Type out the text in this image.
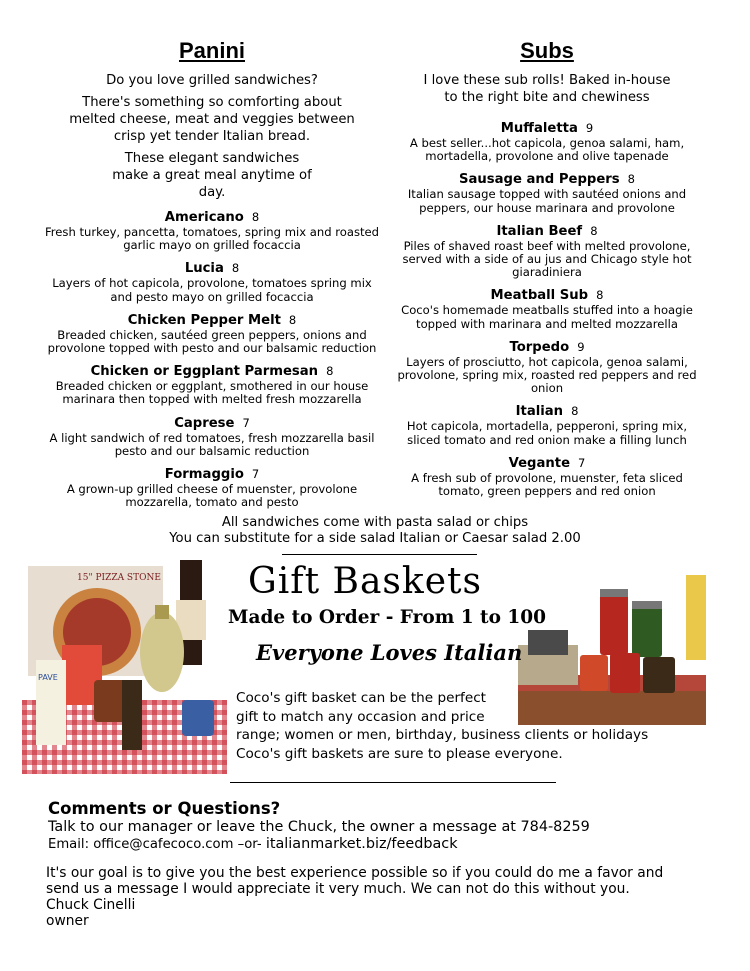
Panini
Do you love grilled sandwiches?
There's something so comforting about melted cheese, meat and veggies between crisp yet tender Italian bread.
These elegant sandwiches make a great meal anytime of day.
Americano 8
Fresh turkey, pancetta, tomatoes, spring mix and roasted garlic mayo on grilled focaccia
Lucia 8
Layers of hot capicola, provolone, tomatoes spring mix and pesto mayo on grilled focaccia
Chicken Pepper Melt 8
Breaded chicken, sautéed green peppers, onions and provolone topped with pesto and our balsamic reduction
Chicken or Eggplant Parmesan 8
Breaded chicken or eggplant, smothered in our house marinara then topped with melted fresh mozzarella
Caprese 7
A light sandwich of red tomatoes, fresh mozzarella basil pesto and our balsamic reduction
Formaggio 7
A grown-up grilled cheese of muenster, provolone mozzarella, tomato and pesto
Subs
I love these sub rolls! Baked in-house to the right bite and chewiness
Muffaletta 9
A best seller...hot capicola, genoa salami, ham, mortadella, provolone and olive tapenade
Sausage and Peppers 8
Italian sausage topped with sautéed onions and peppers, our house marinara and provolone
Italian Beef 8
Piles of shaved roast beef with melted provolone, served with a side of au jus and Chicago style hot giaradiniera
Meatball Sub 8
Coco's homemade meatballs stuffed into a hoagie topped with marinara and melted mozzarella
Torpedo 9
Layers of prosciutto, hot capicola, genoa salami, provolone, spring mix, roasted red peppers and red onion
Italian 8
Hot capicola, mortadella, pepperoni, spring mix, sliced tomato and red onion make a filling lunch
Vegante 7
A fresh sub of provolone, muenster, feta sliced tomato, green peppers and red onion
All sandwiches come with pasta salad or chips
You can substitute for a side salad Italian or Caesar salad 2.00
15" PIZZA STONE
PAVE
Gift Baskets
Made to Order - From 1 to 100
Everyone Loves Italian
Coco's gift basket can be the perfect
gift to match any occasion and price
range; women or men, birthday, business clients or holidays
Coco's gift baskets are sure to please everyone.
Comments or Questions?
Talk to our manager or leave the Chuck, the owner a message at 784-8259
Email: office@cafecoco.com –or- italianmarket.biz/feedback
It's our goal is to give you the best experience possible so if you could do me a favor and
send us a message I would appreciate it very much. We can not do this without you.
Chuck Cinelli
owner
